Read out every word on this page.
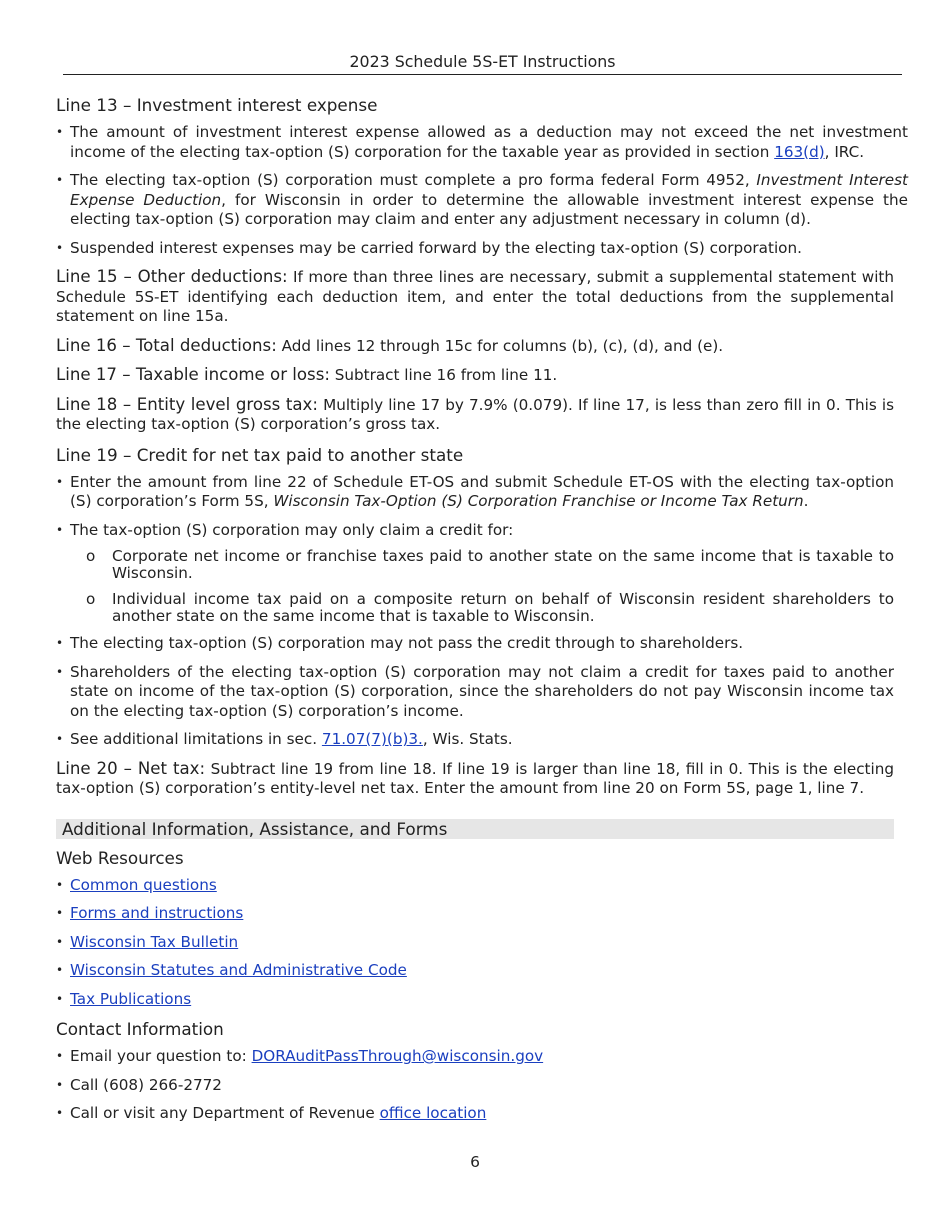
2023 Schedule 5S-ET Instructions
Line 13 – Investment interest expense
• The amount of investment interest expense allowed as a deduction may not exceed the net investment income of the electing tax-option (S) corporation for the taxable year as provided in section 163(d), IRC.
• The electing tax-option (S) corporation must complete a pro forma federal Form 4952, Investment Interest Expense Deduction, for Wisconsin in order to determine the allowable investment interest expense the electing tax-option (S) corporation may claim and enter any adjustment necessary in column (d).
• Suspended interest expenses may be carried forward by the electing tax-option (S) corporation.

Line 15 – Other deductions: If more than three lines are necessary, submit a supplemental statement with Schedule 5S-ET identifying each deduction item, and enter the total deductions from the supplemental statement on line 15a.

Line 16 – Total deductions: Add lines 12 through 15c for columns (b), (c), (d), and (e).

Line 17 – Taxable income or loss: Subtract line 16 from line 11.

Line 18 – Entity level gross tax: Multiply line 17 by 7.9% (0.079). If line 17, is less than zero fill in 0. This is the electing tax-option (S) corporation’s gross tax.

Line 19 – Credit for net tax paid to another state
• Enter the amount from line 22 of Schedule ET-OS and submit Schedule ET-OS with the electing tax-option (S) corporation’s Form 5S, Wisconsin Tax-Option (S) Corporation Franchise or Income Tax Return.
• The tax-option (S) corporation may only claim a credit for:
o Corporate net income or franchise taxes paid to another state on the same income that is taxable to Wisconsin.
o Individual income tax paid on a composite return on behalf of Wisconsin resident shareholders to another state on the same income that is taxable to Wisconsin.
• The electing tax-option (S) corporation may not pass the credit through to shareholders.
• Shareholders of the electing tax-option (S) corporation may not claim a credit for taxes paid to another state on income of the tax-option (S) corporation, since the shareholders do not pay Wisconsin income tax on the electing tax-option (S) corporation’s income.
• See additional limitations in sec. 71.07(7)(b)3., Wis. Stats.

Line 20 – Net tax: Subtract line 19 from line 18. If line 19 is larger than line 18, fill in 0. This is the electing tax-option (S) corporation’s entity-level net tax. Enter the amount from line 20 on Form 5S, page 1, line 7.

Additional Information, Assistance, and Forms
Web Resources
• Common questions
• Forms and instructions
• Wisconsin Tax Bulletin
• Wisconsin Statutes and Administrative Code
• Tax Publications
Contact Information
• Email your question to: DORAuditPassThrough@wisconsin.gov
• Call (608) 266-2772
• Call or visit any Department of Revenue office location
6
